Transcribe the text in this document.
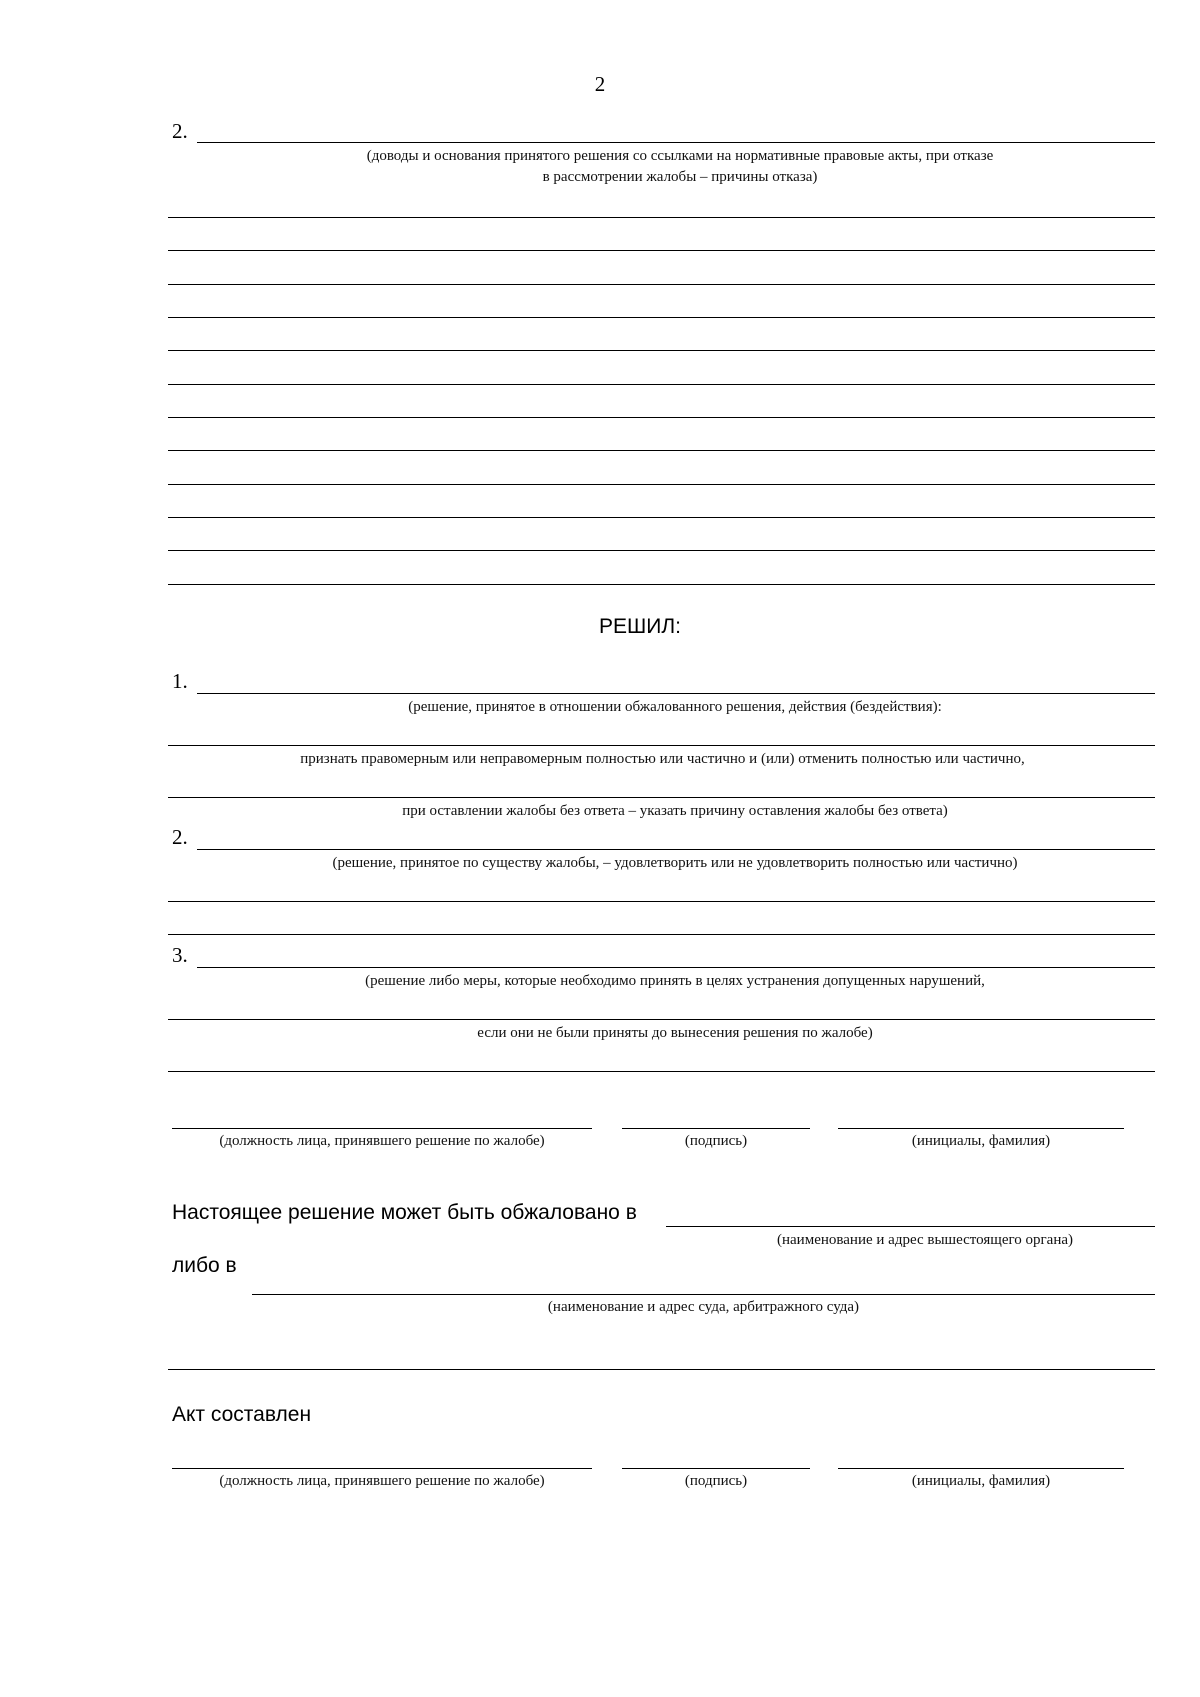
2
2.
(доводы и основания принятого решения со ссылками на нормативные правовые акты, при отказе
в рассмотрении жалобы – причины отказа)
РЕШИЛ:
1.
(решение, принятое в отношении обжалованного решения, действия (бездействия):
признать правомерным или неправомерным полностью или частично и (или) отменить полностью или частично,
при оставлении жалобы без ответа – указать причину оставления жалобы без ответа)
2.
(решение, принятое по существу жалобы, – удовлетворить или не удовлетворить полностью или частично)
3.
(решение либо меры, которые необходимо принять в целях устранения допущенных нарушений,
если они не были приняты до вынесения решения по жалобе)
(должность лица, принявшего решение по жалобе)	(подпись)	(инициалы, фамилия)
Настоящее решение может быть обжаловано в
(наименование и адрес вышестоящего органа)
либо в
(наименование и адрес суда, арбитражного суда)
Акт составлен
(должность лица, принявшего решение по жалобе)	(подпись)	(инициалы, фамилия)
